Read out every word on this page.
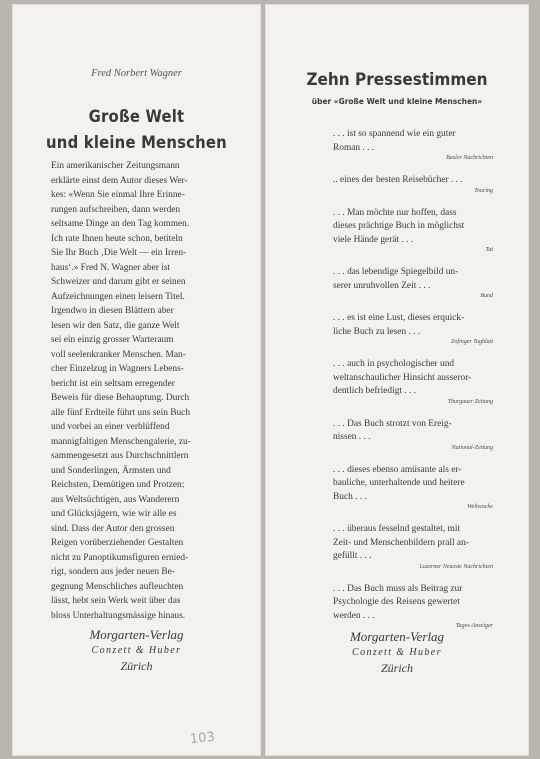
Fred Norbert Wagner
Große Welt
und kleine Menschen
Ein amerikanischer Zeitungsmann
erklärte einst dem Autor dieses Wer-
kes: «Wenn Sie einmal Ihre Erinne-
rungen aufschreiben, dann werden
seltsame Dinge an den Tag kommen.
Ich rate Ihnen heute schon, betiteln
Sie Ihr Buch ‚Die Welt — ein Irren-
haus‘.» Fred N. Wagner aber ist
Schweizer und darum gibt er seinen
Aufzeichnungen einen leisern Titel.
Irgendwo in diesen Blättern aber
lesen wir den Satz, die ganze Welt
sei ein einzig grosser Warteraum
voll seelenkranker Menschen. Man-
cher Einzelzug in Wagners Lebens-
bericht ist ein seltsam erregender
Beweis für diese Behauptung. Durch
alle fünf Erdteile führt uns sein Buch
und vorbei an einer verblüffend
mannigfaltigen Menschengalerie, zu-
sammengesetzt aus Durchschnittlern
und Sonderlingen, Ärmsten und
Reichsten, Demütigen und Protzen;
aus Weltsüchtigen, aus Wanderern
und Glücksjägern, wie wir alle es
sind. Dass der Autor den grossen
Reigen vorüberziehender Gestalten
nicht zu Panoptikumsfiguren ernied-
rigt, sondern aus jeder neuen Be-
gegnung Menschliches aufleuchten
lässt, hebt sein Werk weit über das
bloss Unterhaltungsmässige hinaus.
Morgarten-Verlag
Conzett & Huber
Zürich
103
Zehn Pressestimmen
über «Große Welt und kleine Menschen»
. . . ist so spannend wie ein guter
Roman . . .
Basler Nachrichten
.. eines der besten Reisebücher . . .
Touring
. . . Man möchte nur hoffen, dass
dieses prächtige Buch in möglichst
viele Hände gerät . . .
Tat
. . . das lebendige Spiegelbild un-
serer unruhvollen Zeit . . .
Bund
. . . es ist eine Lust, dieses erquick-
liche Buch zu lesen . . .
Zofinger Tagblatt
. . . auch in psychologischer und
weltanschaulicher Hinsicht ausseror-
dentlich befriedigt . . .
Thurgauer Zeitung
. . . Das Buch strotzt von Ereig-
nissen . . .
National-Zeitung
. . . dieses ebenso amüsante als er-
bauliche, unterhaltende und heitere
Buch . . .
Weltwoche
. . . überaus fesselnd gestaltet, mit
Zeit- und Menschenbildern prall an-
gefüllt . . .
Luzerner Neueste Nachrichten
. . . Das Buch muss als Beitrag zur
Psychologie des Reisens gewertet
werden . . .
Tages-Anzeiger
Morgarten-Verlag
Conzett & Huber
Zürich
